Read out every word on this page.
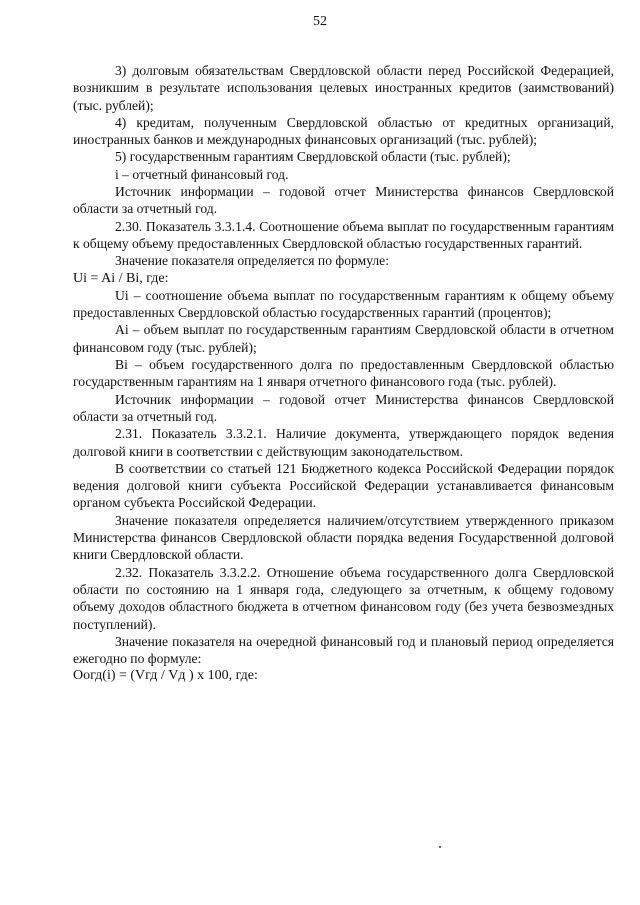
52

3) долговым обязательствам Свердловской области перед Российской Федерацией, возникшим в результате использования целевых иностранных кредитов (заимствований) (тыс. рублей);

4) кредитам, полученным Свердловской областью от кредитных организаций, иностранных банков и международных финансовых организаций (тыс. рублей);

5) государственным гарантиям Свердловской области (тыс. рублей);

i – отчетный финансовый год.

Источник информации – годовой отчет Министерства финансов Свердловской области за отчетный год.

2.30. Показатель 3.3.1.4. Соотношение объема выплат по государственным гарантиям к общему объему предоставленных Свердловской областью государственных гарантий.

Значение показателя определяется по формуле:

Ui = Ai / Bi, где:

Ui – соотношение объема выплат по государственным гарантиям к общему объему предоставленных Свердловской областью государственных гарантий (процентов);

Ai – объем выплат по государственным гарантиям Свердловской области в отчетном финансовом году (тыс. рублей);

Bi – объем государственного долга по предоставленным Свердловской областью государственным гарантиям на 1 января отчетного финансового года (тыс. рублей).

Источник информации – годовой отчет Министерства финансов Свердловской области за отчетный год.

2.31. Показатель 3.3.2.1. Наличие документа, утверждающего порядок ведения долговой книги в соответствии с действующим законодательством.

В соответствии со статьей 121 Бюджетного кодекса Российской Федерации порядок ведения долговой книги субъекта Российской Федерации устанавливается финансовым органом субъекта Российской Федерации.

Значение показателя определяется наличием/отсутствием утвержденного приказом Министерства финансов Свердловской области порядка ведения Государственной долговой книги Свердловской области.

2.32. Показатель 3.3.2.2. Отношение объема государственного долга Свердловской области по состоянию на 1 января года, следующего за отчетным, к общему годовому объему доходов областного бюджета в отчетном финансовом году (без учета безвозмездных поступлений).

Значение показателя на очередной финансовый год и плановый период определяется ежегодно по формуле:

Оогд(i) = (Vгд / Vд ) х 100, где:
